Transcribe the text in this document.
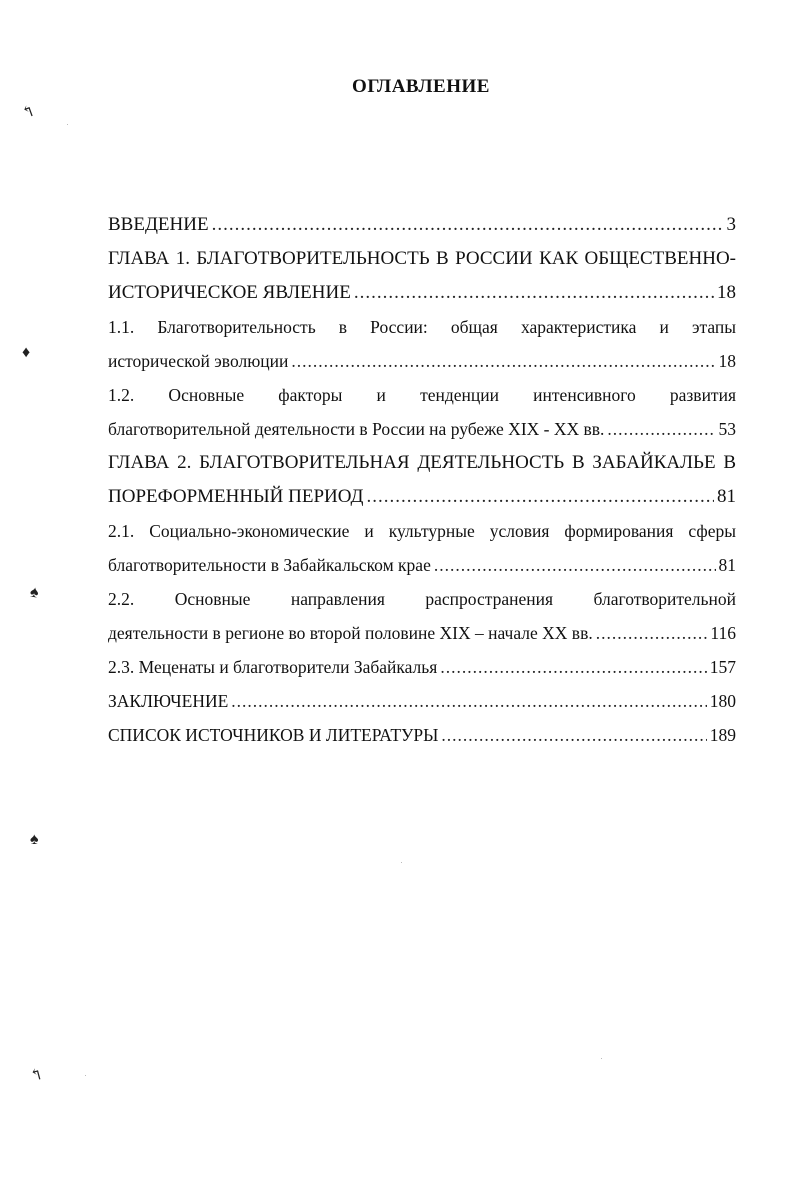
↰
♦
♠
♠
↰
ОГЛАВЛЕНИЕ
ВВЕДЕНИЕ .....	3
ГЛАВА 1. БЛАГОТВОРИТЕЛЬНОСТЬ В РОССИИ КАК ОБЩЕСТВЕННО-
ИСТОРИЧЕСКОЕ ЯВЛЕНИЕ .....	18
1.1. Благотворительность в России: общая характеристика и этапы
исторической эволюции .....	18
1.2. Основные факторы и тенденции интенсивного развития
благотворительной деятельности в России на рубеже XIX - XX вв. .....	53
ГЛАВА 2. БЛАГОТВОРИТЕЛЬНАЯ ДЕЯТЕЛЬНОСТЬ В ЗАБАЙКАЛЬЕ В
ПОРЕФОРМЕННЫЙ ПЕРИОД .....	81
2.1. Социально-экономические и культурные условия формирования сферы
благотворительности в Забайкальском крае .....	81
2.2. Основные направления распространения благотворительной
деятельности в регионе во второй половине XIX – начале XX вв. .....	116
2.3. Меценаты и благотворители Забайкалья .....	157
ЗАКЛЮЧЕНИЕ .....	180
СПИСОК ИСТОЧНИКОВ И ЛИТЕРАТУРЫ .....	189
